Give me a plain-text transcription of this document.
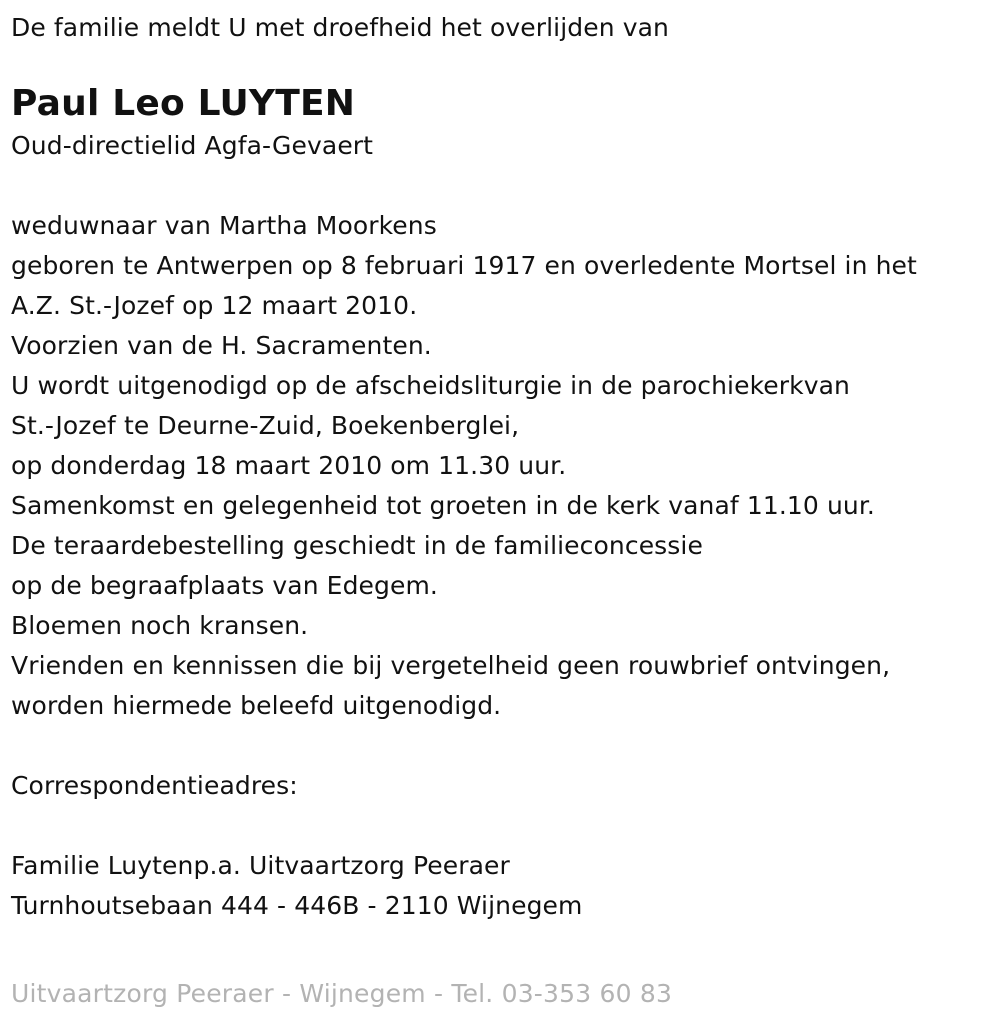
De familie meldt U met droefheid het overlijden van
Paul Leo LUYTEN
Oud-directielid Agfa-Gevaert
weduwnaar van Martha Moorkens
geboren te Antwerpen op 8 februari 1917 en overledente Mortsel in het
A.Z. St.-Jozef op 12 maart 2010.
Voorzien van de H. Sacramenten.
U wordt uitgenodigd op de afscheidsliturgie in de parochiekerkvan
St.-Jozef te Deurne-Zuid, Boekenberglei,
op donderdag 18 maart 2010 om 11.30 uur.
Samenkomst en gelegenheid tot groeten in de kerk vanaf 11.10 uur.
De teraardebestelling geschiedt in de familieconcessie
op de begraafplaats van Edegem.
Bloemen noch kransen.
Vrienden en kennissen die bij vergetelheid geen rouwbrief ontvingen,
worden hiermede beleefd uitgenodigd.
Correspondentieadres:
Familie Luytenp.a. Uitvaartzorg Peeraer
Turnhoutsebaan 444 - 446B - 2110 Wijnegem
Uitvaartzorg Peeraer - Wijnegem - Tel. 03-353 60 83
